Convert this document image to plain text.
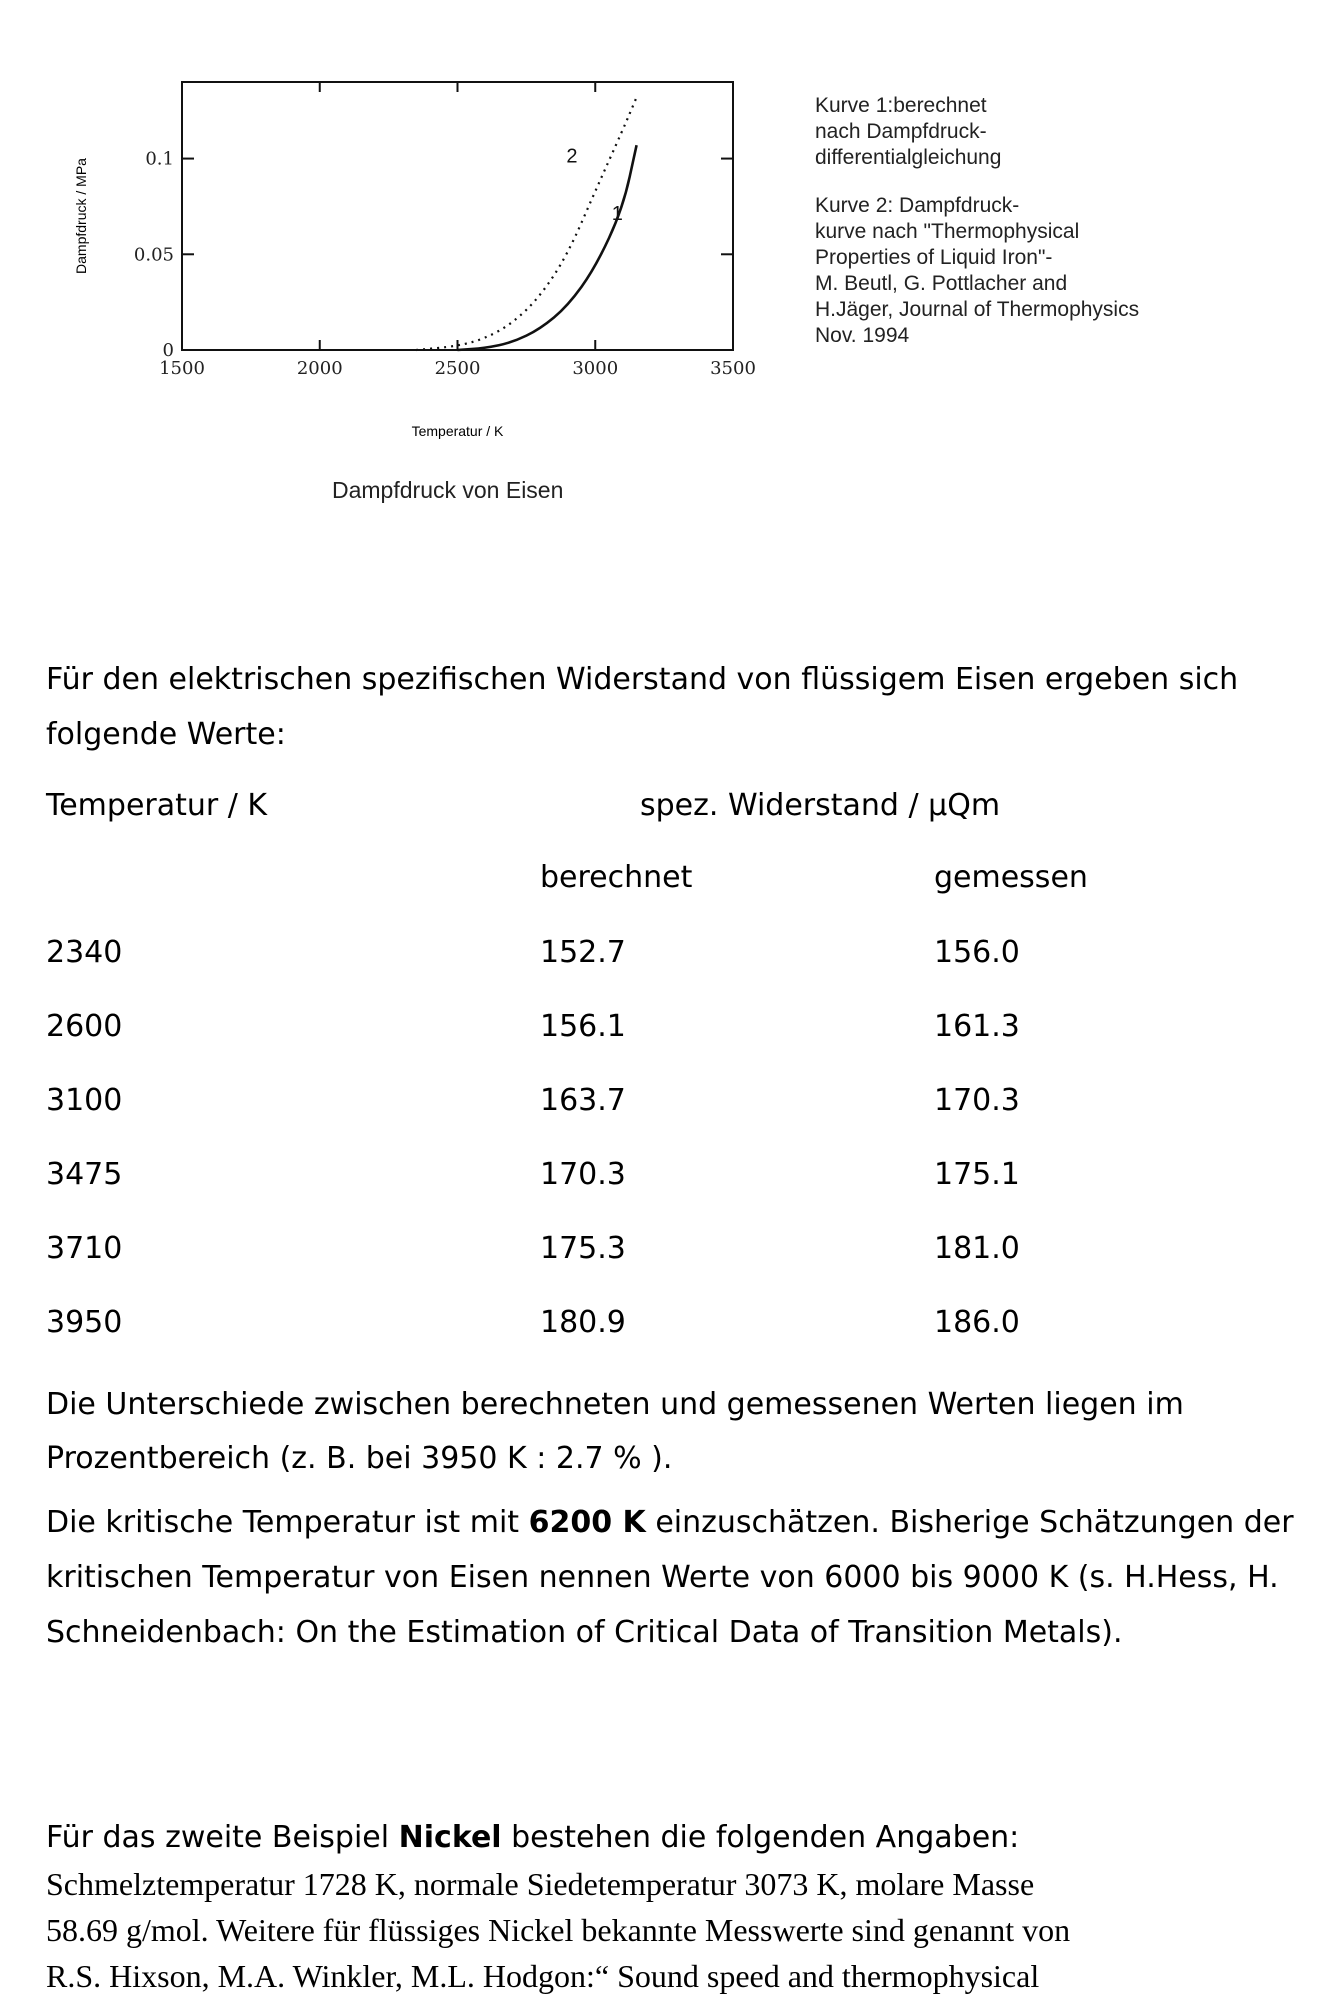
1500	2000	2500	3000	3500
0
0.05
0.1
1
2
Temperatur / K
Dampfdruck / MPa
Kurve 1:berechnet
nach Dampfdruck-
differentialgleichung
Kurve 2: Dampfdruck-
kurve nach "Thermophysical
Properties of Liquid Iron"-
M. Beutl, G. Pottlacher and
H.Jäger, Journal of Thermophysics
Nov. 1994
Dampfdruck von Eisen
Für den elektrischen spezifischen Widerstand von flüssigem Eisen ergeben sich folgende Werte:
Temperatur / K	spez. Widerstand / µQm
berechnet	gemessen
2340	152.7	156.0
2600	156.1	161.3
3100	163.7	170.3
3475	170.3	175.1
3710	175.3	181.0
3950	180.9	186.0
Die Unterschiede zwischen berechneten und gemessenen Werten liegen im Prozentbereich (z. B. bei 3950 K : 2.7 % ).
Die kritische Temperatur ist mit 6200 K einzuschätzen. Bisherige Schätzungen der kritischen Temperatur von Eisen nennen Werte von 6000 bis 9000 K (s. H.Hess, H. Schneidenbach: On the Estimation of Critical Data of Transition Metals).
Für das zweite Beispiel Nickel bestehen die folgenden Angaben:
Schmelztemperatur 1728 K, normale Siedetemperatur 3073 K, molare Masse
58.69 g/mol. Weitere für flüssiges Nickel bekannte Messwerte sind genannt von
R.S. Hixson, M.A. Winkler, M.L. Hodgon:“ Sound speed and thermophysical
